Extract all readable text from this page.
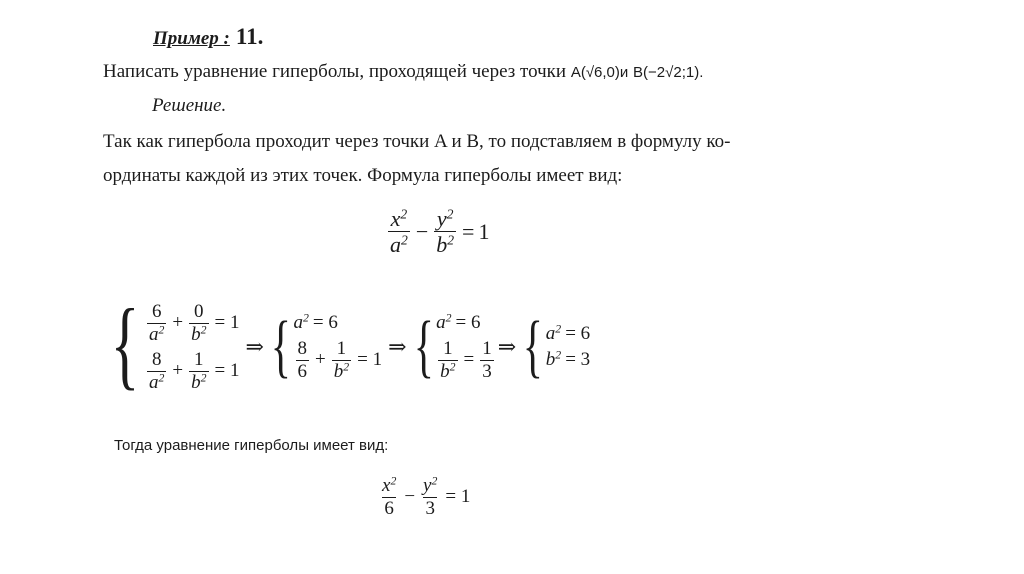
Пример : 11.
Написать уравнение гиперболы, проходящей через точки A(√6,0)и B(−2√2;1).
Решение.
Так как гипербола проходит через точки A и B, то подставляем в формулу ко-
ординаты каждой из этих точек. Формула гиперболы имеет вид:
$\frac{x^2}{a^2} - \frac{y^2}{b^2} = 1$
{ $\frac{6}{a^2} + \frac{0}{b^2} = 1$
$\frac{8}{a^2} + \frac{1}{b^2} = 1$
⇒ { $a^2 = 6$
$\frac{8}{6} + \frac{1}{b^2} = 1$
⇒ { $a^2 = 6$
$\frac{1}{b^2} = \frac{1}{3}$ ⇒ { $a^2 = 6$
$b^2 = 3$
Тогда уравнение гиперболы имеет вид:
$\frac{x^2}{6} - \frac{y^2}{3} = 1$
